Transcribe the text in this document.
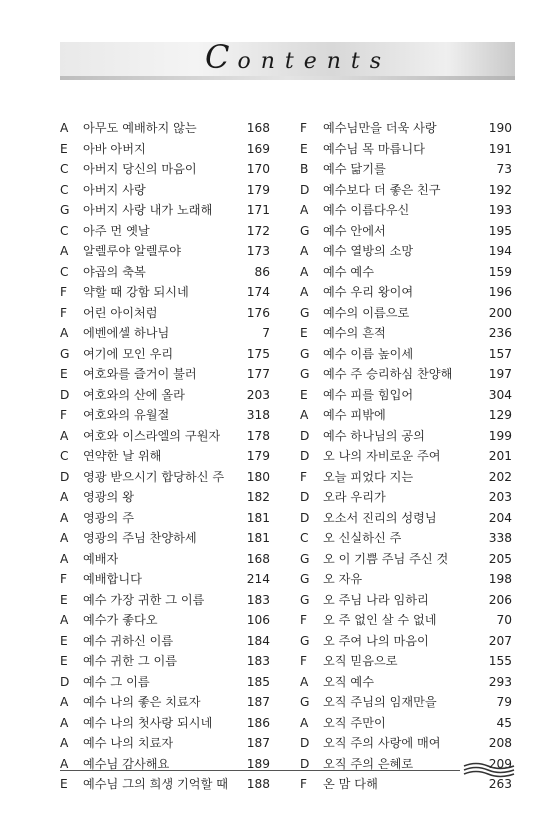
Contents
A	아무도 예배하지 않는	168
E	아바 아버지	169
C	아버지 당신의 마음이	170
C	아버지 사랑	179
G	아버지 사랑 내가 노래해	171
C	아주 먼 옛날	172
A	알렐루야 알렐루야	173
C	야곱의 축복	86
F	약할 때 강함 되시네	174
F	어린 아이처럼	176
A	에벤에셀 하나님	7
G	여기에 모인 우리	175
E	여호와를 즐거이 불러	177
D	여호와의 산에 올라	203
F	여호와의 유월절	318
A	여호와 이스라엘의 구원자 178
C	연약한 날 위해	179
D	영광 받으시기 합당하신 주 180
A	영광의 왕	182
A	영광의 주	181
A	영광의 주님 찬양하세	181
A	예배자	168
F	예배합니다	214
E	예수 가장 귀한 그 이름	183
A	예수가 좋다오	106
E	예수 귀하신 이름	184
E	예수 귀한 그 이름	183
D	예수 그 이름	185
A	예수 나의 좋은 치료자	187
A	예수 나의 첫사랑 되시네	186
A	예수 나의 치료자	187
A	예수님 감사해요	189
E	예수님 그의 희생 기억할 때 188
F	예수님만을 더욱 사랑	190
E	예수님 목 마릅니다	191
B	예수 닮기를	73
D	예수보다 더 좋은 친구	192
A	예수 이름다우신	193
G	예수 안에서	195
A	예수 열방의 소망	194
A	예수 예수	159
A	예수 우리 왕이여	196
G	예수의 이름으로	200
E	예수의 흔적	236
G	예수 이름 높이세	157
G	예수 주 승리하심 찬양해	197
E	예수 피를 힘입어	304
A	예수 피밖에	129
D	예수 하나님의 공의	199
D	오 나의 자비로운 주여	201
F	오늘 피었다 지는	202
D	오라 우리가	203
D	오소서 진리의 성령님	204
C	오 신실하신 주	338
G	오 이 기쁨 주님 주신 것	205
G	오 자유	198
G	오 주님 나라 임하리	206
F	오 주 없인 살 수 없네	70
G	오 주여 나의 마음이	207
F	오직 믿음으로	155
A	오직 예수	293
G	오직 주님의 임재만을	79
A	오직 주만이	45
D	오직 주의 사랑에 매여	208
D	오직 주의 은혜로	209
F	온 맘 다해	263
